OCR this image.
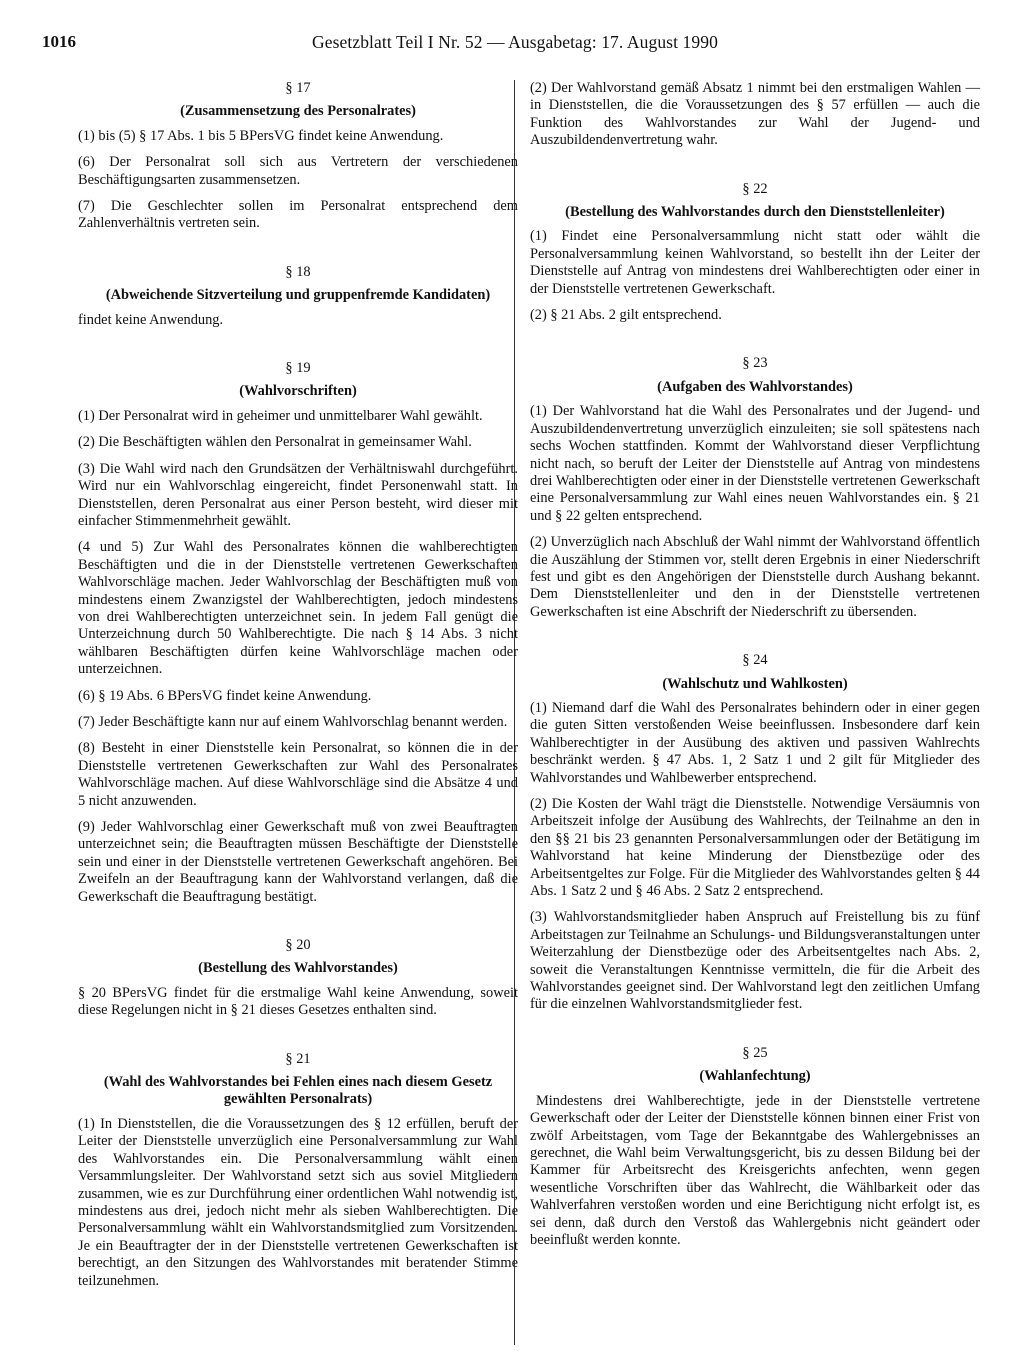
1016	Gesetzblatt Teil I Nr. 52 — Ausgabetag: 17. August 1990
§ 17
(Zusammensetzung des Personalrates)

(1) bis (5) § 17 Abs. 1 bis 5 BPersVG findet keine Anwendung.

(6) Der Personalrat soll sich aus Vertretern der verschiedenen Beschäftigungsarten zusammensetzen.

(7) Die Geschlechter sollen im Personalrat entsprechend dem Zahlenverhältnis vertreten sein.

§ 18
(Abweichende Sitzverteilung und gruppenfremde Kandidaten)

findet keine Anwendung.

§ 19
(Wahlvorschriften)

(1) Der Personalrat wird in geheimer und unmittelbarer Wahl gewählt.

(2) Die Beschäftigten wählen den Personalrat in gemeinsamer Wahl.

(3) Die Wahl wird nach den Grundsätzen der Verhältniswahl durchgeführt. Wird nur ein Wahlvorschlag eingereicht, findet Personenwahl statt. In Dienststellen, deren Personalrat aus einer Person besteht, wird dieser mit einfacher Stimmenmehrheit gewählt.

(4 und 5) Zur Wahl des Personalrates können die wahlberechtigten Beschäftigten und die in der Dienststelle vertretenen Gewerkschaften Wahlvorschläge machen. Jeder Wahlvorschlag der Beschäftigten muß von mindestens einem Zwanzigstel der Wahlberechtigten, jedoch mindestens von drei Wahlberechtigten unterzeichnet sein. In jedem Fall genügt die Unterzeichnung durch 50 Wahlberechtigte. Die nach § 14 Abs. 3 nicht wählbaren Beschäftigten dürfen keine Wahlvorschläge machen oder unterzeichnen.

(6) § 19 Abs. 6 BPersVG findet keine Anwendung.

(7) Jeder Beschäftigte kann nur auf einem Wahlvorschlag benannt werden.

(8) Besteht in einer Dienststelle kein Personalrat, so können die in der Dienststelle vertretenen Gewerkschaften zur Wahl des Personalrates Wahlvorschläge machen. Auf diese Wahlvorschläge sind die Absätze 4 und 5 nicht anzuwenden.

(9) Jeder Wahlvorschlag einer Gewerkschaft muß von zwei Beauftragten unterzeichnet sein; die Beauftragten müssen Beschäftigte der Dienststelle sein und einer in der Dienststelle vertretenen Gewerkschaft angehören. Bei Zweifeln an der Beauftragung kann der Wahlvorstand verlangen, daß die Gewerkschaft die Beauftragung bestätigt.

§ 20
(Bestellung des Wahlvorstandes)

§ 20 BPersVG findet für die erstmalige Wahl keine Anwendung, soweit diese Regelungen nicht in § 21 dieses Gesetzes enthalten sind.

§ 21
(Wahl des Wahlvorstandes bei Fehlen eines nach diesem Gesetz gewählten Personalrats)

(1) In Dienststellen, die die Voraussetzungen des § 12 erfüllen, beruft der Leiter der Dienststelle unverzüglich eine Personalversammlung zur Wahl des Wahlvorstandes ein. Die Personalversammlung wählt einen Versammlungsleiter. Der Wahlvorstand setzt sich aus soviel Mitgliedern zusammen, wie es zur Durchführung einer ordentlichen Wahl notwendig ist, mindestens aus drei, jedoch nicht mehr als sieben Wahlberechtigten. Die Personalversammlung wählt ein Wahlvorstandsmitglied zum Vorsitzenden. Je ein Beauftragter der in der Dienststelle vertretenen Gewerkschaften ist berechtigt, an den Sitzungen des Wahlvorstandes mit beratender Stimme teilzunehmen.

(2) Der Wahlvorstand gemäß Absatz 1 nimmt bei den erstmaligen Wahlen — in Dienststellen, die die Voraussetzungen des § 57 erfüllen — auch die Funktion des Wahlvorstandes zur Wahl der Jugend- und Auszubildendenvertretung wahr.

§ 22
(Bestellung des Wahlvorstandes durch den Dienststellenleiter)

(1) Findet eine Personalversammlung nicht statt oder wählt die Personalversammlung keinen Wahlvorstand, so bestellt ihn der Leiter der Dienststelle auf Antrag von mindestens drei Wahlberechtigten oder einer in der Dienststelle vertretenen Gewerkschaft.

(2) § 21 Abs. 2 gilt entsprechend.

§ 23
(Aufgaben des Wahlvorstandes)

(1) Der Wahlvorstand hat die Wahl des Personalrates und der Jugend- und Auszubildendenvertretung unverzüglich einzuleiten; sie soll spätestens nach sechs Wochen stattfinden. Kommt der Wahlvorstand dieser Verpflichtung nicht nach, so beruft der Leiter der Dienststelle auf Antrag von mindestens drei Wahlberechtigten oder einer in der Dienststelle vertretenen Gewerkschaft eine Personalversammlung zur Wahl eines neuen Wahlvorstandes ein. § 21 und § 22 gelten entsprechend.

(2) Unverzüglich nach Abschluß der Wahl nimmt der Wahlvorstand öffentlich die Auszählung der Stimmen vor, stellt deren Ergebnis in einer Niederschrift fest und gibt es den Angehörigen der Dienststelle durch Aushang bekannt. Dem Dienststellenleiter und den in der Dienststelle vertretenen Gewerkschaften ist eine Abschrift der Niederschrift zu übersenden.

§ 24
(Wahlschutz und Wahlkosten)

(1) Niemand darf die Wahl des Personalrates behindern oder in einer gegen die guten Sitten verstoßenden Weise beeinflussen. Insbesondere darf kein Wahlberechtigter in der Ausübung des aktiven und passiven Wahlrechts beschränkt werden. § 47 Abs. 1, 2 Satz 1 und 2 gilt für Mitglieder des Wahlvorstandes und Wahlbewerber entsprechend.

(2) Die Kosten der Wahl trägt die Dienststelle. Notwendige Versäumnis von Arbeitszeit infolge der Ausübung des Wahlrechts, der Teilnahme an den in den §§ 21 bis 23 genannten Personalversammlungen oder der Betätigung im Wahlvorstand hat keine Minderung der Dienstbezüge oder des Arbeitsentgeltes zur Folge. Für die Mitglieder des Wahlvorstandes gelten § 44 Abs. 1 Satz 2 und § 46 Abs. 2 Satz 2 entsprechend.

(3) Wahlvorstandsmitglieder haben Anspruch auf Freistellung bis zu fünf Arbeitstagen zur Teilnahme an Schulungs- und Bildungsveranstaltungen unter Weiterzahlung der Dienstbezüge oder des Arbeitsentgeltes nach Abs. 2, soweit die Veranstaltungen Kenntnisse vermitteln, die für die Arbeit des Wahlvorstandes geeignet sind. Der Wahlvorstand legt den zeitlichen Umfang für die einzelnen Wahlvorstandsmitglieder fest.

§ 25
(Wahlanfechtung)

Mindestens drei Wahlberechtigte, jede in der Dienststelle vertretene Gewerkschaft oder der Leiter der Dienststelle können binnen einer Frist von zwölf Arbeitstagen, vom Tage der Bekanntgabe des Wahlergebnisses an gerechnet, die Wahl beim Verwaltungsgericht, bis zu dessen Bildung bei der Kammer für Arbeitsrecht des Kreisgerichts anfechten, wenn gegen wesentliche Vorschriften über das Wahlrecht, die Wählbarkeit oder das Wahlverfahren verstoßen worden und eine Berichtigung nicht erfolgt ist, es sei denn, daß durch den Verstoß das Wahlergebnis nicht geändert oder beeinflußt werden konnte.
